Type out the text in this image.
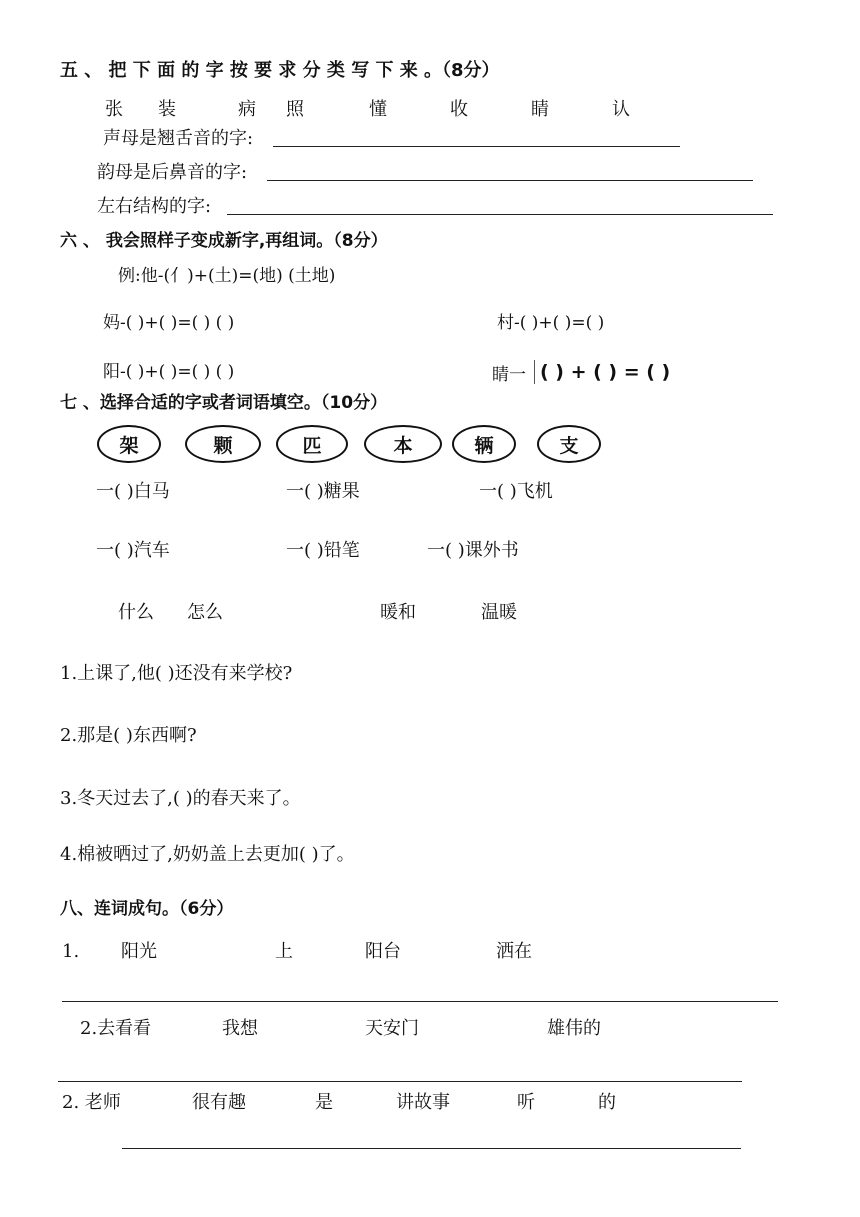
五 、 把 下 面 的 字 按 要 求 分 类 写 下 来 。（8分）
张 装	病 照	懂	收	睛	认
声母是翘舌音的字:
韵母是后鼻音的字:
左右结构的字:
六 、 我会照样子变成新字,再组词。（8分）
例:他-(亻)+(土)=(地) (土地)
妈-( )+( )=( ) ( )	村-( )+( )=( )
阳-( )+( )=( ) ( )	睛一 ( ) + ( ) = ( )
七 、选择合适的字或者词语填空。（10分）
架	颗	匹	本	辆	支
一( )白马	一( )糖果	一( )飞机
一( )汽车	一( )铅笔	一( )课外书
什么 怎么	暖和	温暖
1.上课了,他( )还没有来学校?
2.那是( )东西啊?
3.冬天过去了,( )的春天来了。
4.棉被晒过了,奶奶盖上去更加( )了。
八、连词成句。（6分）
1. 阳光	上	阳台	洒在
2.去看看	我想	天安门	雄伟的
2. 老师	很有趣	是	讲故事	听	的
